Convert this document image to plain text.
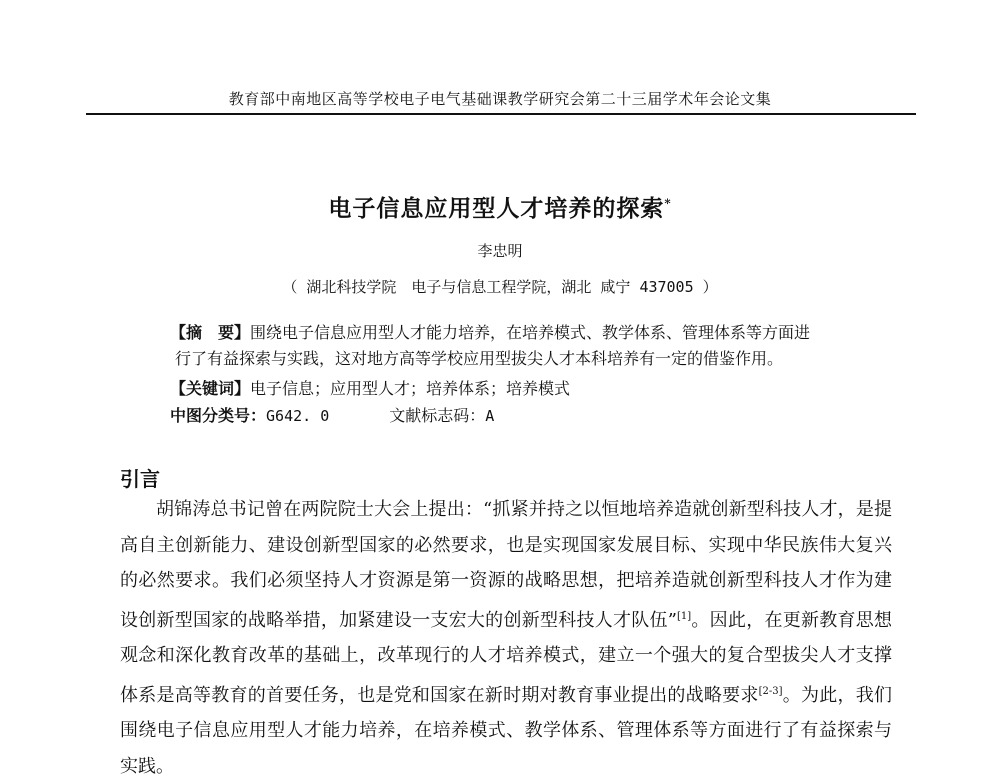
教育部中南地区高等学校电子电气基础课教学研究会第二十三届学术年会论文集
电子信息应用型人才培养的探索*
李忠明
（ 湖北科技学院　电子与信息工程学院，湖北 咸宁 437005 ）
【摘　要】围绕电子信息应用型人才能力培养，在培养模式、教学体系、管理体系等方面进
行了有益探索与实践，这对地方高等学校应用型拔尖人才本科培养有一定的借鉴作用。
【关键词】电子信息；应用型人才；培养体系；培养模式
中图分类号：G642. 0	文献标志码：A
引言

胡锦涛总书记曾在两院院士大会上提出：“抓紧并持之以恒地培养造就创新型科技人才，是提高自主创新能力、建设创新型国家的必然要求，也是实现国家发展目标、实现中华民族伟大复兴的必然要求。我们必须坚持人才资源是第一资源的战略思想，把培养造就创新型科技人才作为建设创新型国家的战略举措，加紧建设一支宏大的创新型科技人才队伍”[1]。因此，在更新教育思想观念和深化教育改革的基础上，改革现行的人才培养模式，建立一个强大的复合型拔尖人才支撑体系是高等教育的首要任务，也是党和国家在新时期对教育事业提出的战略要求[2-3]。为此，我们围绕电子信息应用型人才能力培养，在培养模式、教学体系、管理体系等方面进行了有益探索与实践。
